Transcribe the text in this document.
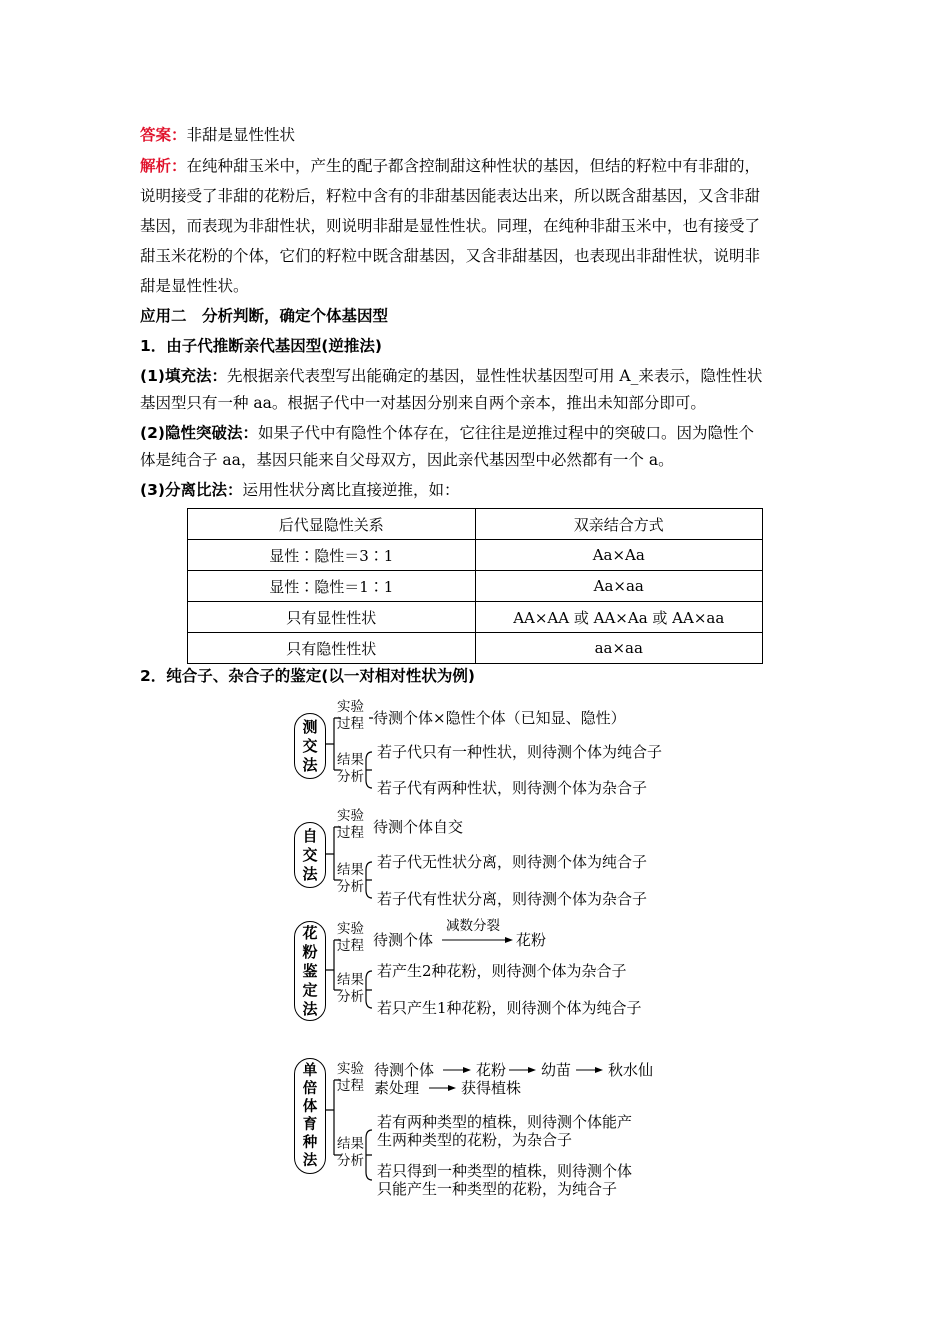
答案：非甜是显性性状
解析：在纯种甜玉米中，产生的配子都含控制甜这种性状的基因，但结的籽粒中有非甜的，
说明接受了非甜的花粉后，籽粒中含有的非甜基因能表达出来，所以既含甜基因，又含非甜
基因，而表现为非甜性状，则说明非甜是显性性状。同理，在纯种非甜玉米中，也有接受了
甜玉米花粉的个体，它们的籽粒中既含甜基因，又含非甜基因，也表现出非甜性状，说明非
甜是显性性状。
应用二　分析判断，确定个体基因型
1．由子代推断亲代基因型(逆推法)
(1)填充法：先根据亲代表型写出能确定的基因，显性性状基因型可用 A_来表示，隐性性状
基因型只有一种 aa。根据子代中一对基因分别来自两个亲本，推出未知部分即可。
(2)隐性突破法：如果子代中有隐性个体存在，它往往是逆推过程中的突破口。因为隐性个
体是纯合子 aa，基因只能来自父母双方，因此亲代基因型中必然都有一个 a。
(3)分离比法：运用性状分离比直接逆推，如：
后代显隐性关系	双亲结合方式
显性∶隐性＝3∶1	Aa×Aa
显性∶隐性＝1∶1	Aa×aa
只有显性性状	AA×AA 或 AA×Aa 或 AA×aa
只有隐性性状	aa×aa
2．纯合子、杂合子的鉴定(以一对相对性状为例)
测
交
法
实验
过程 待测个体×隐性个体（已知显、隐性）
结果
分析
若子代只有一种性状，则待测个体为纯合子
若子代有两种性状，则待测个体为杂合子
自
交
法
实验
过程 待测个体自交
结果
分析
若子代无性状分离，则待测个体为纯合子
若子代有性状分离，则待测个体为杂合子
花
粉
鉴
定
法
实验
过程 待测个体
减数分裂
花粉
结果
分析
若产生2种花粉，则待测个体为杂合子
若只产生1种花粉，则待测个体为纯合子
单
倍
体
育
种
法
实验
过程
待测个体	花粉 幼苗 秋水仙
素处理	获得植株
结果
分析
若有两种类型的植株，则待测个体能产
生两种类型的花粉，为杂合子
若只得到一种类型的植株，则待测个体
只能产生一种类型的花粉，为纯合子
